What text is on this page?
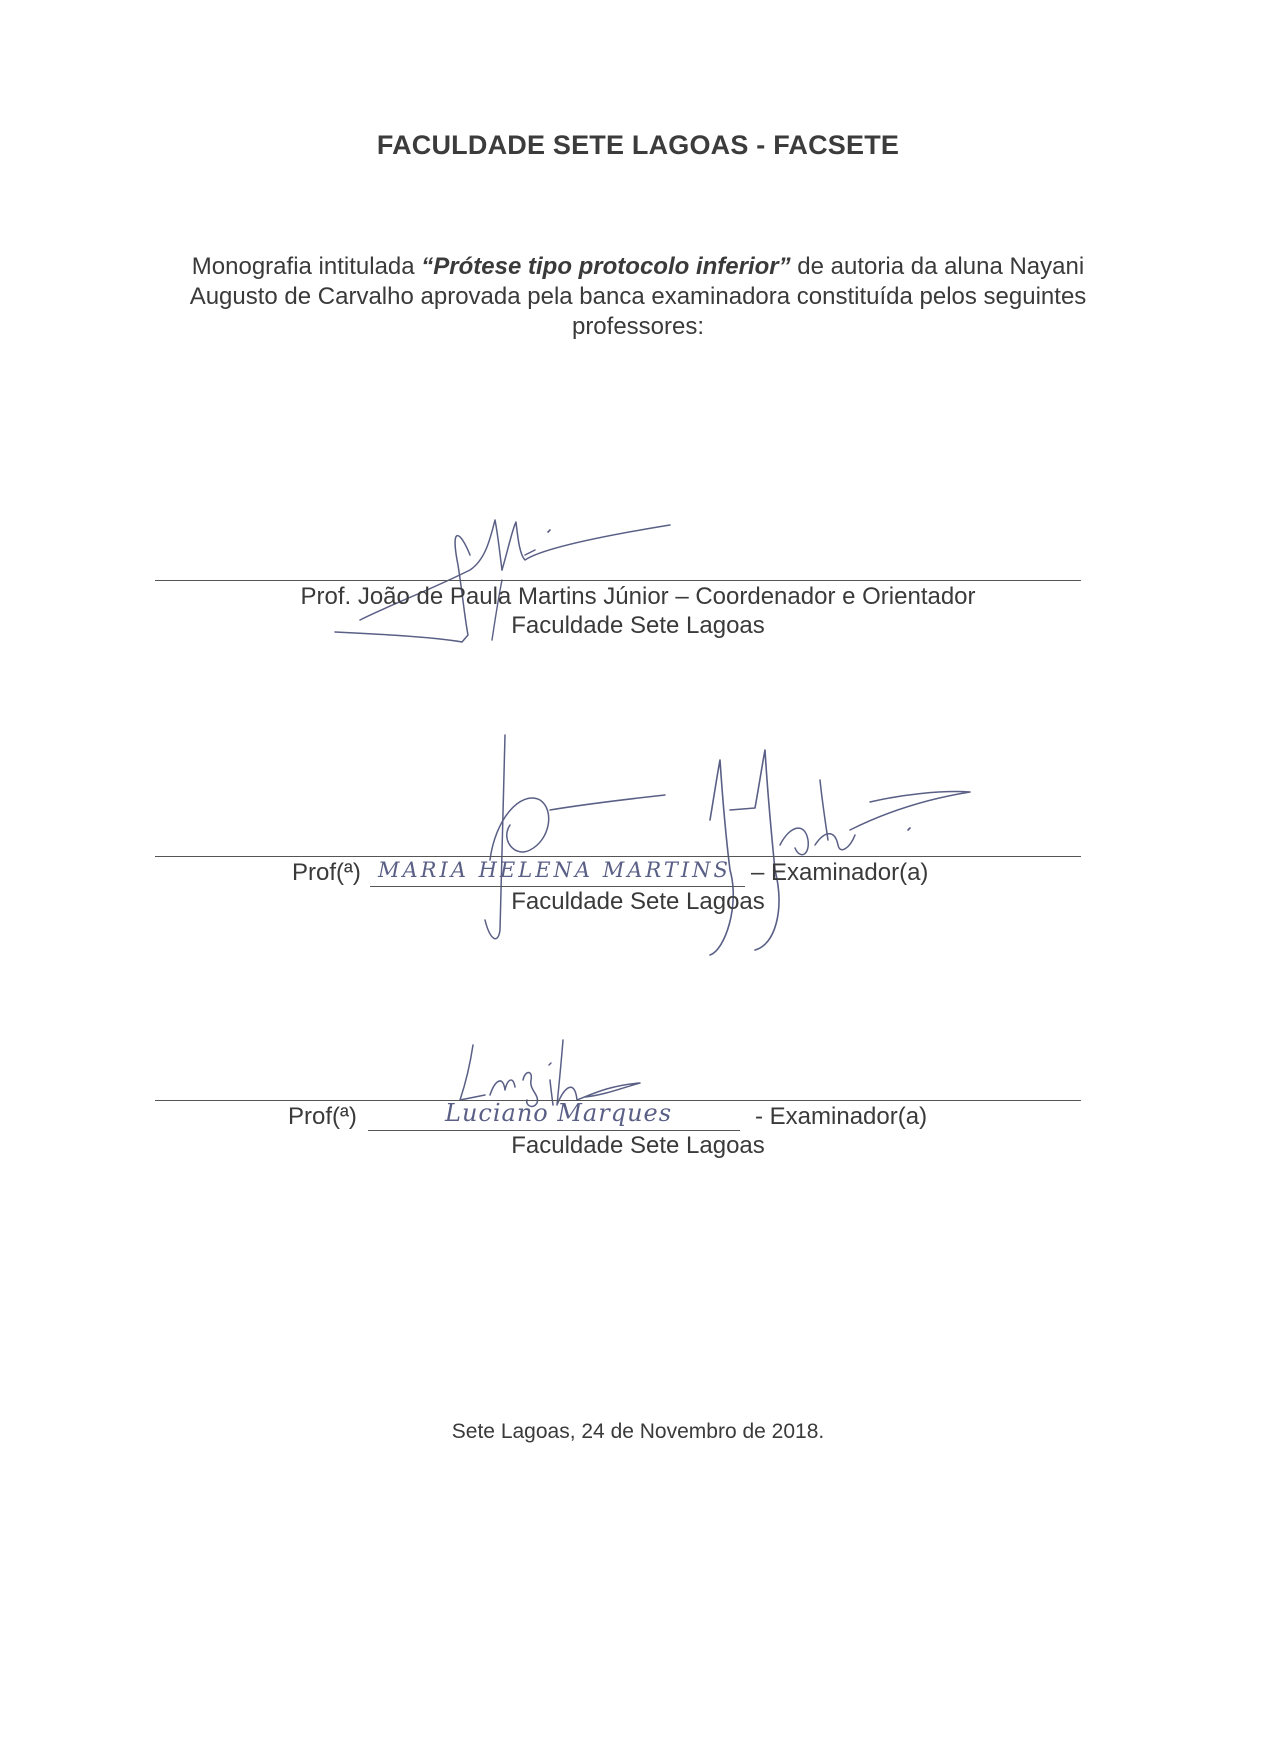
FACULDADE SETE LAGOAS - FACSETE
Monografia intitulada “Prótese tipo protocolo inferior” de autoria da aluna Nayani Augusto de Carvalho aprovada pela banca examinadora constituída pelos seguintes professores:
Prof. João de Paula Martins Júnior – Coordenador e Orientador
Faculdade Sete Lagoas
Prof(ª) MARIA HELENA MARTINS – Examinador(a)
Faculdade Sete Lagoas
Prof(ª)	Luciano Marques	- Examinador(a)
Faculdade Sete Lagoas
Sete Lagoas, 24 de Novembro de 2018.
